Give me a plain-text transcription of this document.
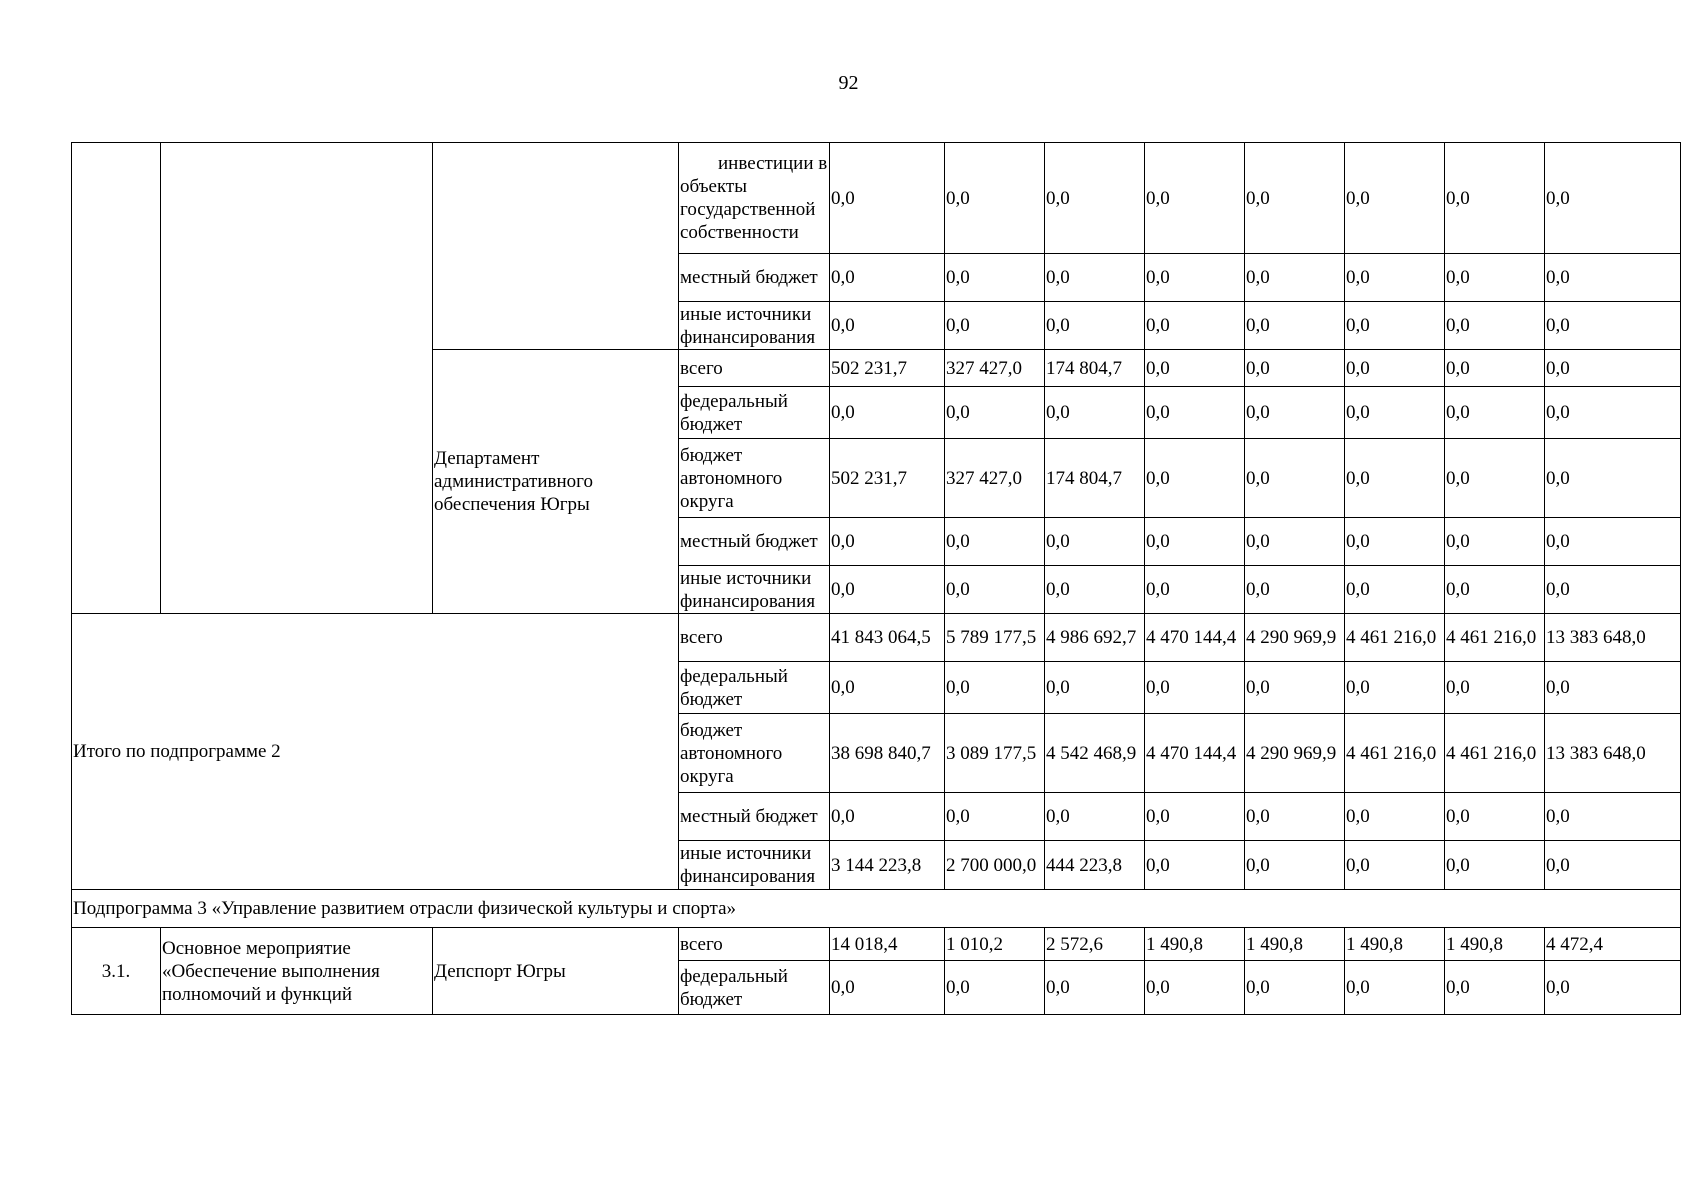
92
			инвестиции в объекты государственной собственности	0,0	0,0	0,0	0,0	0,0	0,0	0,0	0,0
			местный бюджет	0,0	0,0	0,0	0,0	0,0	0,0	0,0	0,0
			иные источники финансирования	0,0	0,0	0,0	0,0	0,0	0,0	0,0	0,0
		Департамент административного обеспечения Югры	всего	502 231,7	327 427,0	174 804,7	0,0	0,0	0,0	0,0	0,0
			федеральный бюджет	0,0	0,0	0,0	0,0	0,0	0,0	0,0	0,0
			бюджет автономного округа	502 231,7	327 427,0	174 804,7	0,0	0,0	0,0	0,0	0,0
			местный бюджет	0,0	0,0	0,0	0,0	0,0	0,0	0,0	0,0
			иные источники финансирования	0,0	0,0	0,0	0,0	0,0	0,0	0,0	0,0
Итого по подпрограмме 2			всего	41 843 064,5	5 789 177,5	4 986 692,7	4 470 144,4	4 290 969,9	4 461 216,0	4 461 216,0	13 383 648,0
			федеральный бюджет	0,0	0,0	0,0	0,0	0,0	0,0	0,0	0,0
			бюджет автономного округа	38 698 840,7	3 089 177,5	4 542 468,9	4 470 144,4	4 290 969,9	4 461 216,0	4 461 216,0	13 383 648,0
			местный бюджет	0,0	0,0	0,0	0,0	0,0	0,0	0,0	0,0
			иные источники финансирования	3 144 223,8	2 700 000,0	444 223,8	0,0	0,0	0,0	0,0	0,0
Подпрограмма 3 «Управление развитием отрасли физической культуры и спорта»											
3.1.	Основное мероприятие «Обеспечение выполнения полномочий и функций	Депспорт Югры	всего	14 018,4	1 010,2	2 572,6	1 490,8	1 490,8	1 490,8	1 490,8	4 472,4
			федеральный бюджет	0,0	0,0	0,0	0,0	0,0	0,0	0,0	0,0
